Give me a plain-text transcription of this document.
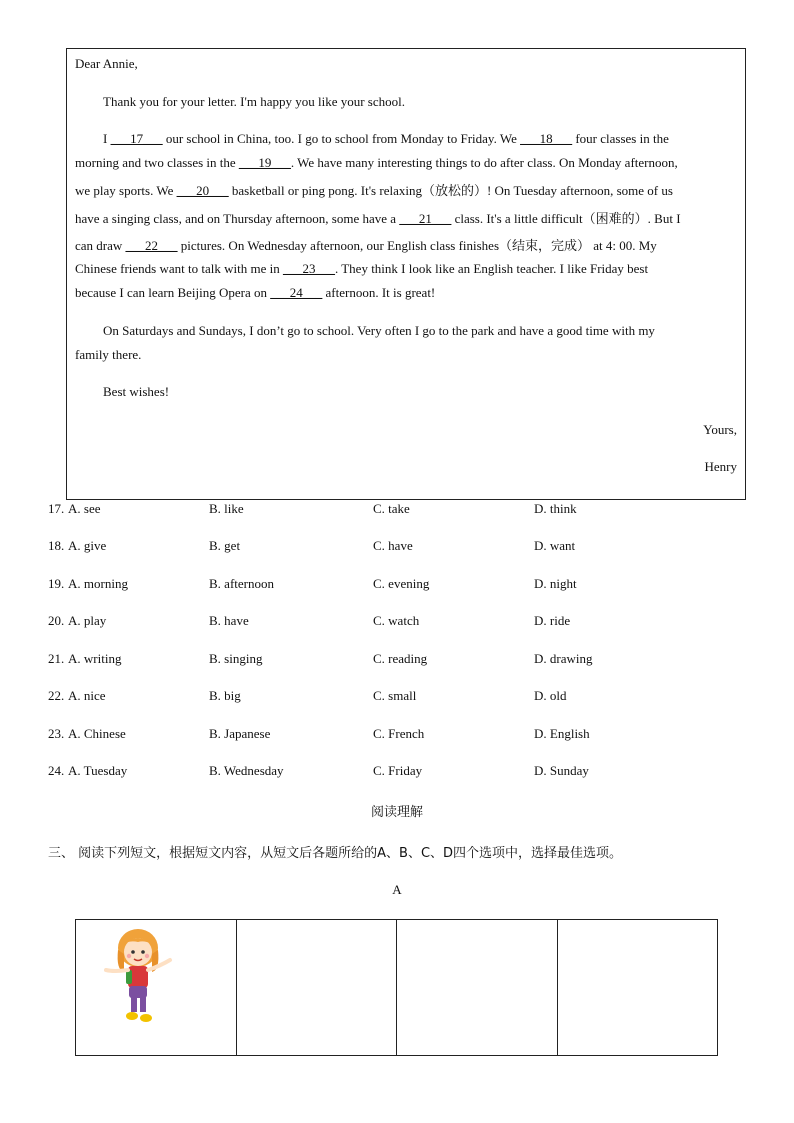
Dear Annie,
Thank you for your letter. I'm happy you like your school.
I ___17___ our school in China, too. I go to school from Monday to Friday. We ___18___ four classes in the
morning and two classes in the ___19___. We have many interesting things to do after class. On Monday afternoon,
we play sports. We ___20___ basketball or ping pong. It's relaxing（放松的）! On Tuesday afternoon, some of us
have a singing class, and on Thursday afternoon, some have a ___21___ class. It's a little difficult（困难的）. But I
can draw ___22___ pictures. On Wednesday afternoon, our English class finishes（结束，完成） at 4: 00. My
Chinese friends want to talk with me in ___23___. They think I look like an English teacher. I like Friday best
because I can learn Beijing Opera on ___24___ afternoon. It is great!
On Saturdays and Sundays, I don’t go to school. Very often I go to the park and have a good time with my
family there.
Best wishes!
Yours,
Henry
17. A. see	B. like	C. take	D. think
18. A. give	B. get	C. have	D. want
19. A. morning	B. afternoon	C. evening	D. night
20. A. play	B. have	C. watch	D. ride
21. A. writing	B. singing	C. reading	D. drawing
22. A. nice	B. big	C. small	D. old
23. A. Chinese	B. Japanese	C. French	D. English
24. A. Tuesday	B. Wednesday	C. Friday	D. Sunday
阅读理解
三、 阅读下列短文，根据短文内容，从短文后各题所给的A、B、C、D四个选项中，选择最佳选项。
A
